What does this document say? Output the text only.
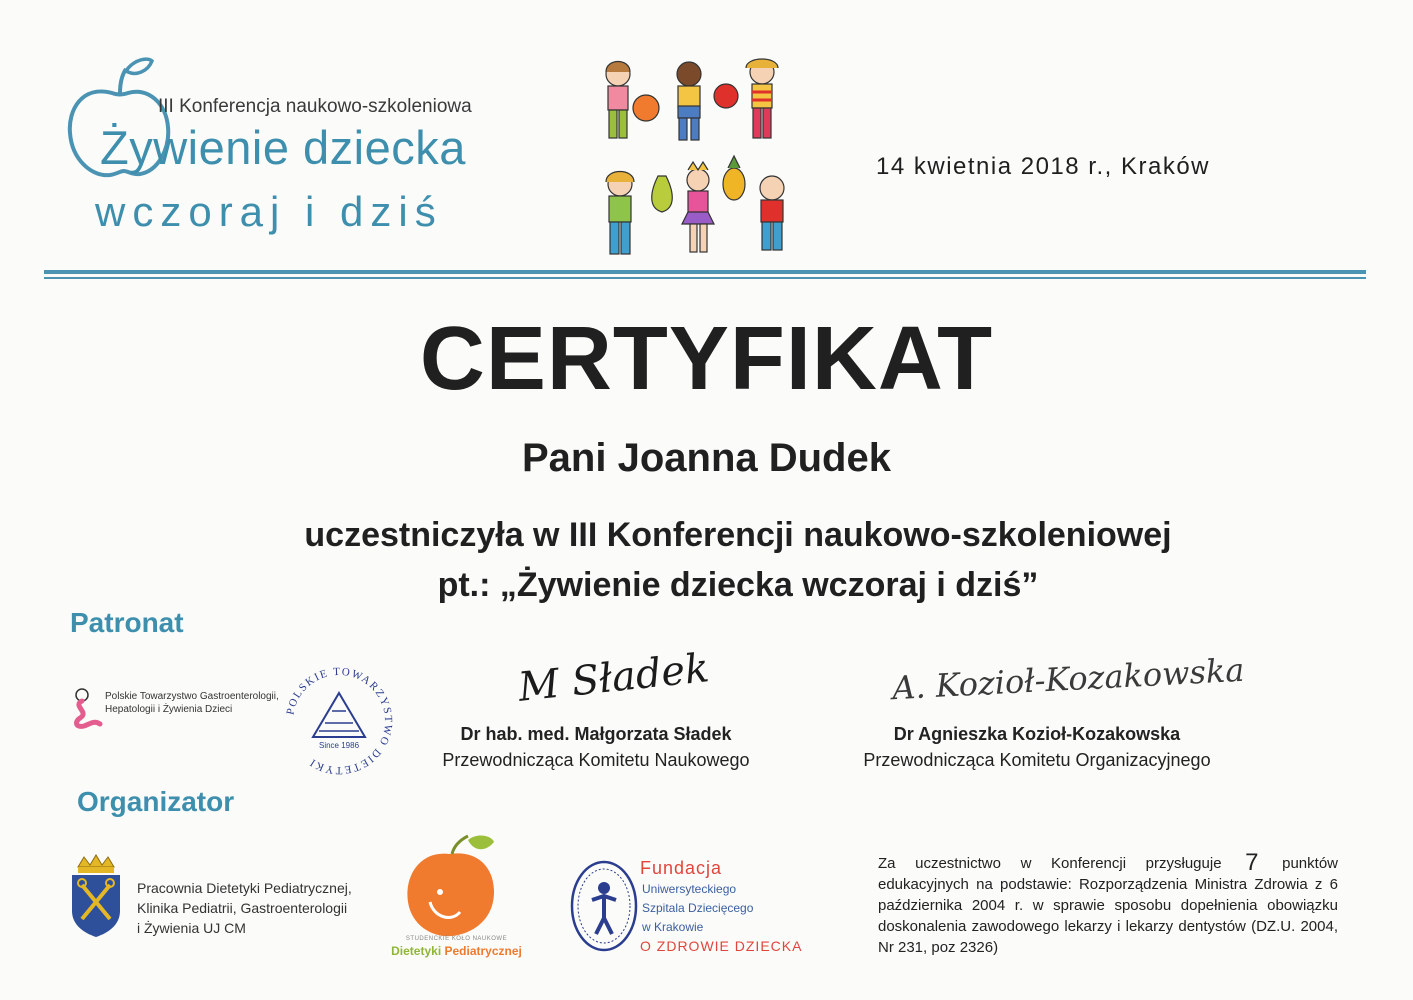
III Konferencja naukowo-szkoleniowa
Żywienie dziecka
wczoraj i dziś
14 kwietnia 2018 r., Kraków
CERTYFIKAT
Pani Joanna Dudek
uczestniczyła w III Konferencji naukowo-szkoleniowej
pt.: „Żywienie dziecka wczoraj i dziś”
Patronat
Polskie Towarzystwo Gastroenterologii,
Hepatologii i Żywienia Dzieci	POLSKIE TOWARZYSTWO DIETETYKI
Since 1986
M Sładek
Dr hab. med. Małgorzata Sładek
Przewodnicząca Komitetu Naukowego
A. Kozioł-Kozakowska
Dr Agnieszka Kozioł-Kozakowska
Przewodnicząca Komitetu Organizacyjnego
Organizator
Pracownia Dietetyki Pediatrycznej,
Klinika Pediatrii, Gastroenterologii
i Żywienia UJ CM
STUDENCKIE KOŁO NAUKOWE
Dietetyki Pediatrycznej
Fundacja
Uniwersyteckiego
Szpitala Dziecięcego
w Krakowie
O ZDROWIE DZIECKA
Za uczestnictwo w Konferencji przysługuje 7 punktów edukacyjnych na podstawie: Rozporządzenia Ministra Zdrowia z 6 października 2004 r. w sprawie sposobu dopełnienia obowiązku doskonalenia zawodowego lekarzy i lekarzy dentystów (DZ.U. 2004, Nr 231, poz 2326)
